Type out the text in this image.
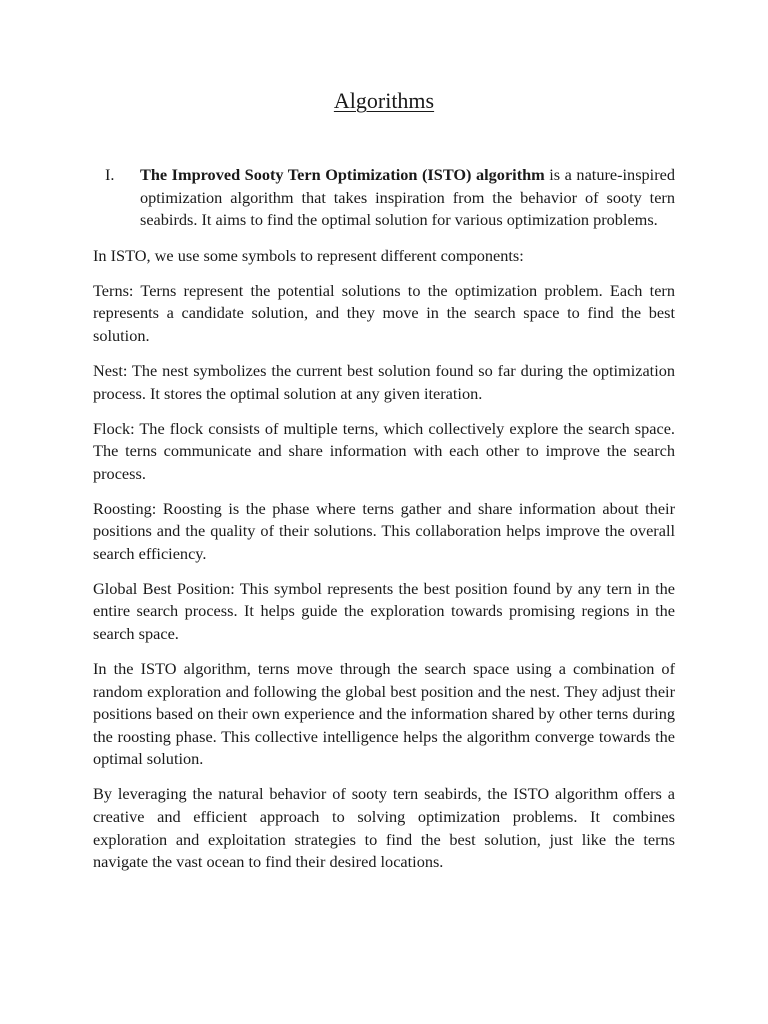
Algorithms
I.	The Improved Sooty Tern Optimization (ISTO) algorithm is a nature-inspired optimization algorithm that takes inspiration from the behavior of sooty tern seabirds. It aims to find the optimal solution for various optimization problems.

In ISTO, we use some symbols to represent different components:

Terns: Terns represent the potential solutions to the optimization problem. Each tern represents a candidate solution, and they move in the search space to find the best solution.

Nest: The nest symbolizes the current best solution found so far during the optimization process. It stores the optimal solution at any given iteration.

Flock: The flock consists of multiple terns, which collectively explore the search space. The terns communicate and share information with each other to improve the search process.

Roosting: Roosting is the phase where terns gather and share information about their positions and the quality of their solutions. This collaboration helps improve the overall search efficiency.

Global Best Position: This symbol represents the best position found by any tern in the entire search process. It helps guide the exploration towards promising regions in the search space.

In the ISTO algorithm, terns move through the search space using a combination of random exploration and following the global best position and the nest. They adjust their positions based on their own experience and the information shared by other terns during the roosting phase. This collective intelligence helps the algorithm converge towards the optimal solution.

By leveraging the natural behavior of sooty tern seabirds, the ISTO algorithm offers a creative and efficient approach to solving optimization problems. It combines exploration and exploitation strategies to find the best solution, just like the terns navigate the vast ocean to find their desired locations.
